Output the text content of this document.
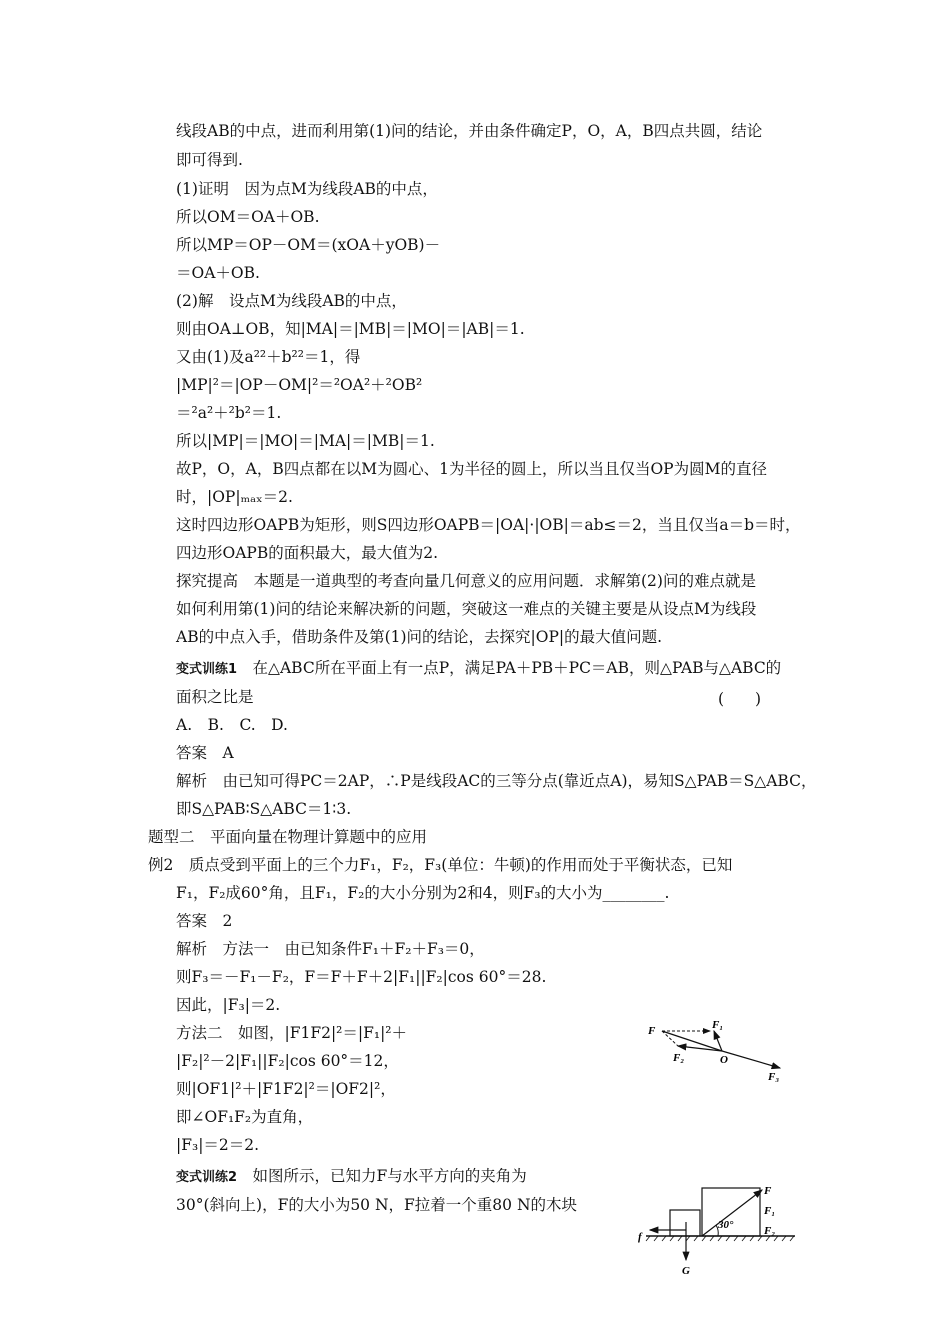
线段AB的中点，进而利用第(1)问的结论，并由条件确定P，O，A，B四点共圆，结论
即可得到.
(1)证明　因为点M为线段AB的中点，
所以OM＝OA＋OB.
所以MP＝OP－OM＝(xOA＋yOB)－
＝OA＋OB.
(2)解　设点M为线段AB的中点，
则由OA⊥OB，知|MA|＝|MB|＝|MO|＝|AB|＝1.
又由(1)及a²²＋b²²＝1，得
|MP|²＝|OP－OM|²＝²OA²＋²OB²
＝²a²＋²b²＝1.
所以|MP|＝|MO|＝|MA|＝|MB|＝1.
故P，O，A，B四点都在以M为圆心、1为半径的圆上，所以当且仅当OP为圆M的直径
时，|OP|ₘₐₓ＝2.
这时四边形OAPB为矩形，则S四边形OAPB＝|OA|·|OB|＝ab≤＝2，当且仅当a＝b＝时，
四边形OAPB的面积最大，最大值为2.
探究提高　本题是一道典型的考查向量几何意义的应用问题．求解第(2)问的难点就是
如何利用第(1)问的结论来解决新的问题，突破这一难点的关键主要是从设点M为线段
AB的中点入手，借助条件及第(1)问的结论，去探究|OP|的最大值问题.
变式训练1　在△ABC所在平面上有一点P，满足PA＋PB＋PC＝AB，则△PAB与△ABC的
面积之比是	(　　)
A.　B.　C.　D.
答案　A
解析　由已知可得PC＝2AP，∴P是线段AC的三等分点(靠近点A)，易知S△PAB＝S△ABC，
即S△PAB∶S△ABC＝1∶3.
题型二　平面向量在物理计算题中的应用
例2　质点受到平面上的三个力F₁，F₂，F₃(单位：牛顿)的作用而处于平衡状态，已知
F₁，F₂成60°角，且F₁，F₂的大小分别为2和4，则F₃的大小为________.
答案　2
解析　方法一　由已知条件F₁＋F₂＋F₃＝0，
则F₃＝－F₁－F₂，F＝F＋F＋2|F₁||F₂|cos 60°＝28.
因此，|F₃|＝2.
方法二　如图，|F1F2|²＝|F₁|²＋
|F₂|²－2|F₁||F₂|cos 60°＝12，
则|OF1|²＋|F1F2|²＝|OF2|²，
即∠OF₁F₂为直角，
|F₃|＝2＝2.
变式训练2　如图所示，已知力F与水平方向的夹角为
30°(斜向上)，F的大小为50 N，F拉着一个重80 N的木块
F	F₁
F₂	O
F₃
F
F₁
F₂
30°
f
G
